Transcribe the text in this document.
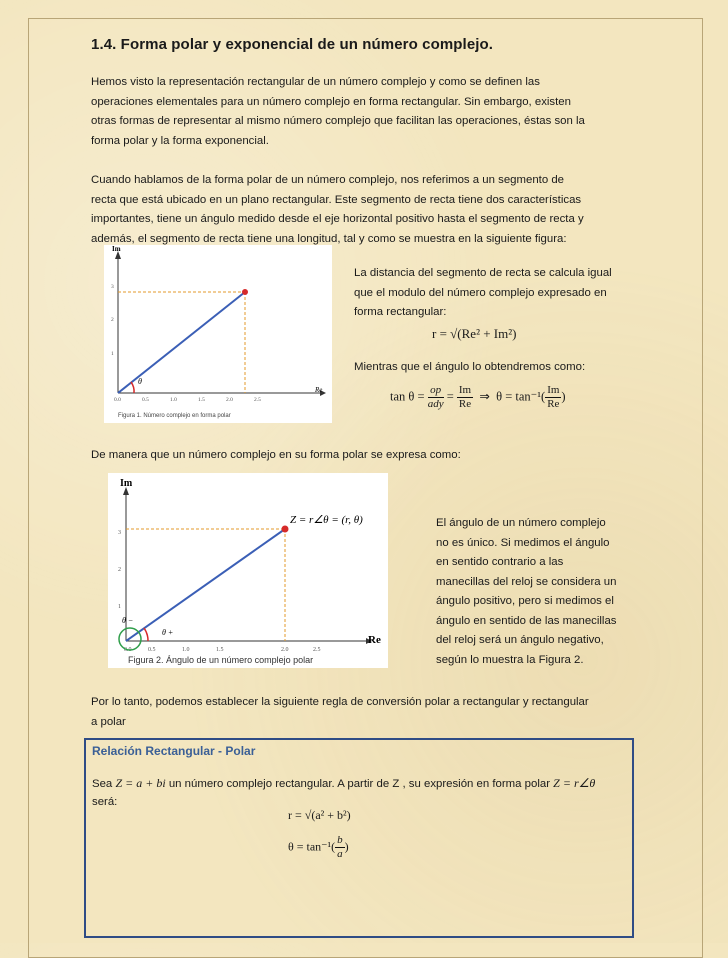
1.4. Forma polar y exponencial de un número complejo.

Hemos visto la representación rectangular de un número complejo y como se definen las

operaciones elementales para un número complejo en forma rectangular. Sin embargo, existen

otras formas de representar al mismo número complejo que facilitan las operaciones, éstas son la

forma polar y la forma exponencial.

Cuando hablamos de la forma polar de un número complejo, nos referimos a un segmento de

recta que está ubicado en un plano rectangular. Este segmento de recta tiene dos características

importantes, tiene un ángulo medido desde el eje horizontal positivo hasta el segmento de recta y

además, el segmento de recta tiene una longitud, tal y como se muestra en la siguiente figura:

Im
Re
0.0	0.5	1.0	1.5	2.0	2.5
1
2
3
θ
Figura 1. Número complejo en forma polar

La distancia del segmento de recta se calcula igual

que el modulo del número complejo expresado en

forma rectangular:

r = √(Re² + Im²)

Mientras que el ángulo lo obtendremos como:

$\tan \theta = \frac{op}{\text{ady}} = \frac{Im}{Re}$ ⇒ $\theta = \tan^{-1}( \frac{Im}{Re}$ )

De manera que un número complejo en su forma polar se expresa como:

Im
Re
0.0	0.5	1.0	1.5	2.0	2.5
1
2
3
Z = r∠θ = (r, θ)
θ +
θ −
Figura 2. Ángulo de un número complejo polar

El ángulo de un número complejo

no es único. Si medimos el ángulo

en sentido contrario a las

manecillas del reloj se considera un

ángulo positivo, pero si medimos el

ángulo en sentido de las manecillas

del reloj será un ángulo negativo,

según lo muestra la Figura 2.

Por lo tanto, podemos establecer la siguiente regla de conversión polar a rectangular y rectangular

a polar

Relación Rectangular - Polar
Sea Z = a + bi un número complejo rectangular. A partir de Z , su expresión en forma polar Z = r∠θ

será:

r = √(a² + b²)
$\theta = \tan^{-1}( \frac{b}{a}$ )
